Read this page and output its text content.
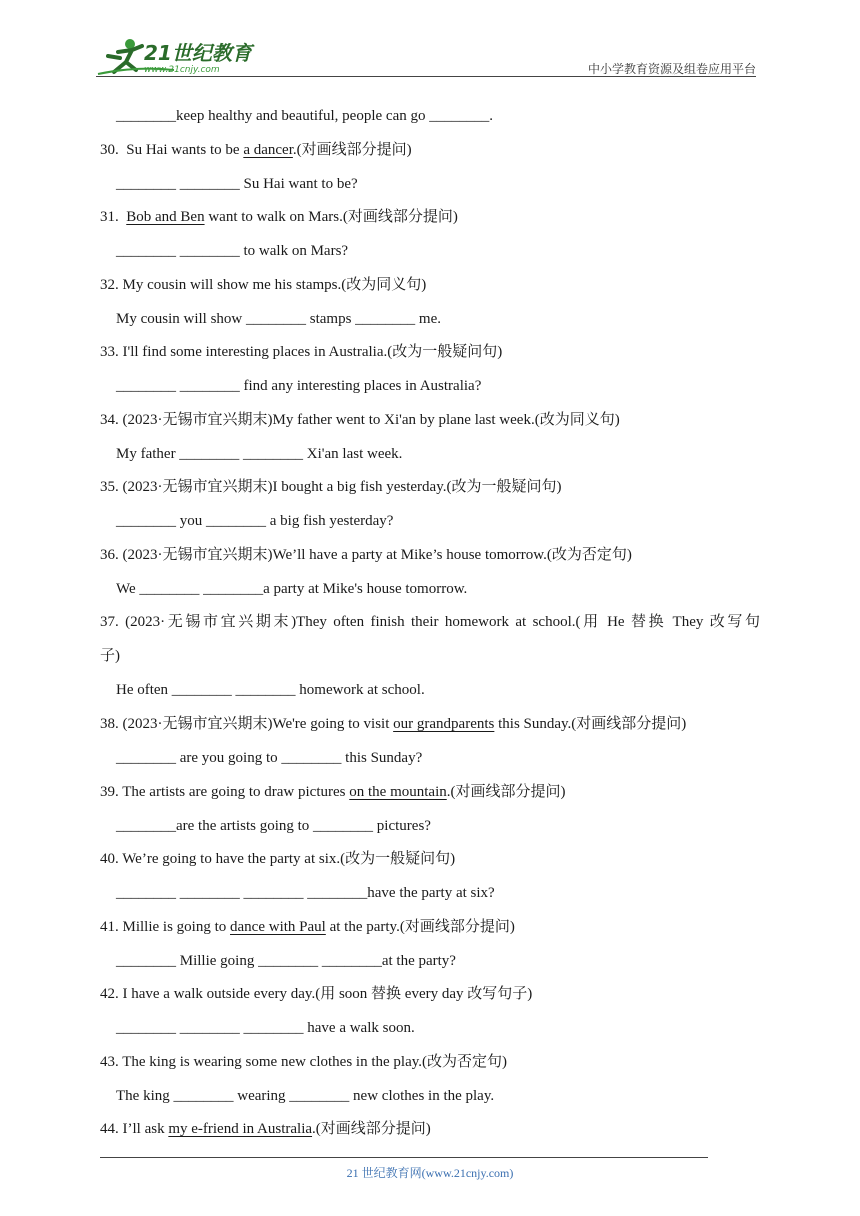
21世纪教育
www.21cnjy.com	中小学教育资源及组卷应用平台
________keep healthy and beautiful, people can go ________.
30. Su Hai wants to be a dancer.(对画线部分提问)
________ ________ Su Hai want to be?
31. Bob and Ben want to walk on Mars.(对画线部分提问)
________ ________ to walk on Mars?
32. My cousin will show me his stamps.(改为同义句)
My cousin will show ________ stamps ________ me.
33. I'll find some interesting places in Australia.(改为一般疑问句)
________ ________ find any interesting places in Australia?
34. (2023·无锡市宜兴期末)My father went to Xi'an by plane last week.(改为同义句)
My father ________ ________ Xi'an last week.
35. (2023·无锡市宜兴期末)I bought a big fish yesterday.(改为一般疑问句)
________ you ________ a big fish yesterday?
36. (2023·无锡市宜兴期末)We’ll have a party at Mike’s house tomorrow.(改为否定句)
We ________ ________a party at Mike's house tomorrow.
37. (2023·无锡市宜兴期末)They often finish their homework at school.(用 He 替换 They 改写句
子)
He often ________ ________ homework at school.
38. (2023·无锡市宜兴期末)We're going to visit our grandparents this Sunday.(对画线部分提问)
________ are you going to ________ this Sunday?
39. The artists are going to draw pictures on the mountain.(对画线部分提问)
________are the artists going to ________ pictures?
40. We’re going to have the party at six.(改为一般疑问句)
________ ________ ________ ________have the party at six?
41. Millie is going to dance with Paul at the party.(对画线部分提问)
________ Millie going ________ ________at the party?
42. I have a walk outside every day.(用 soon 替换 every day 改写句子)
________ ________ ________ have a walk soon.
43. The king is wearing some new clothes in the play.(改为否定句)
The king ________ wearing ________ new clothes in the play.
44. I’ll ask my e-friend in Australia.(对画线部分提问)
21 世纪教育网(www.21cnjy.com)
